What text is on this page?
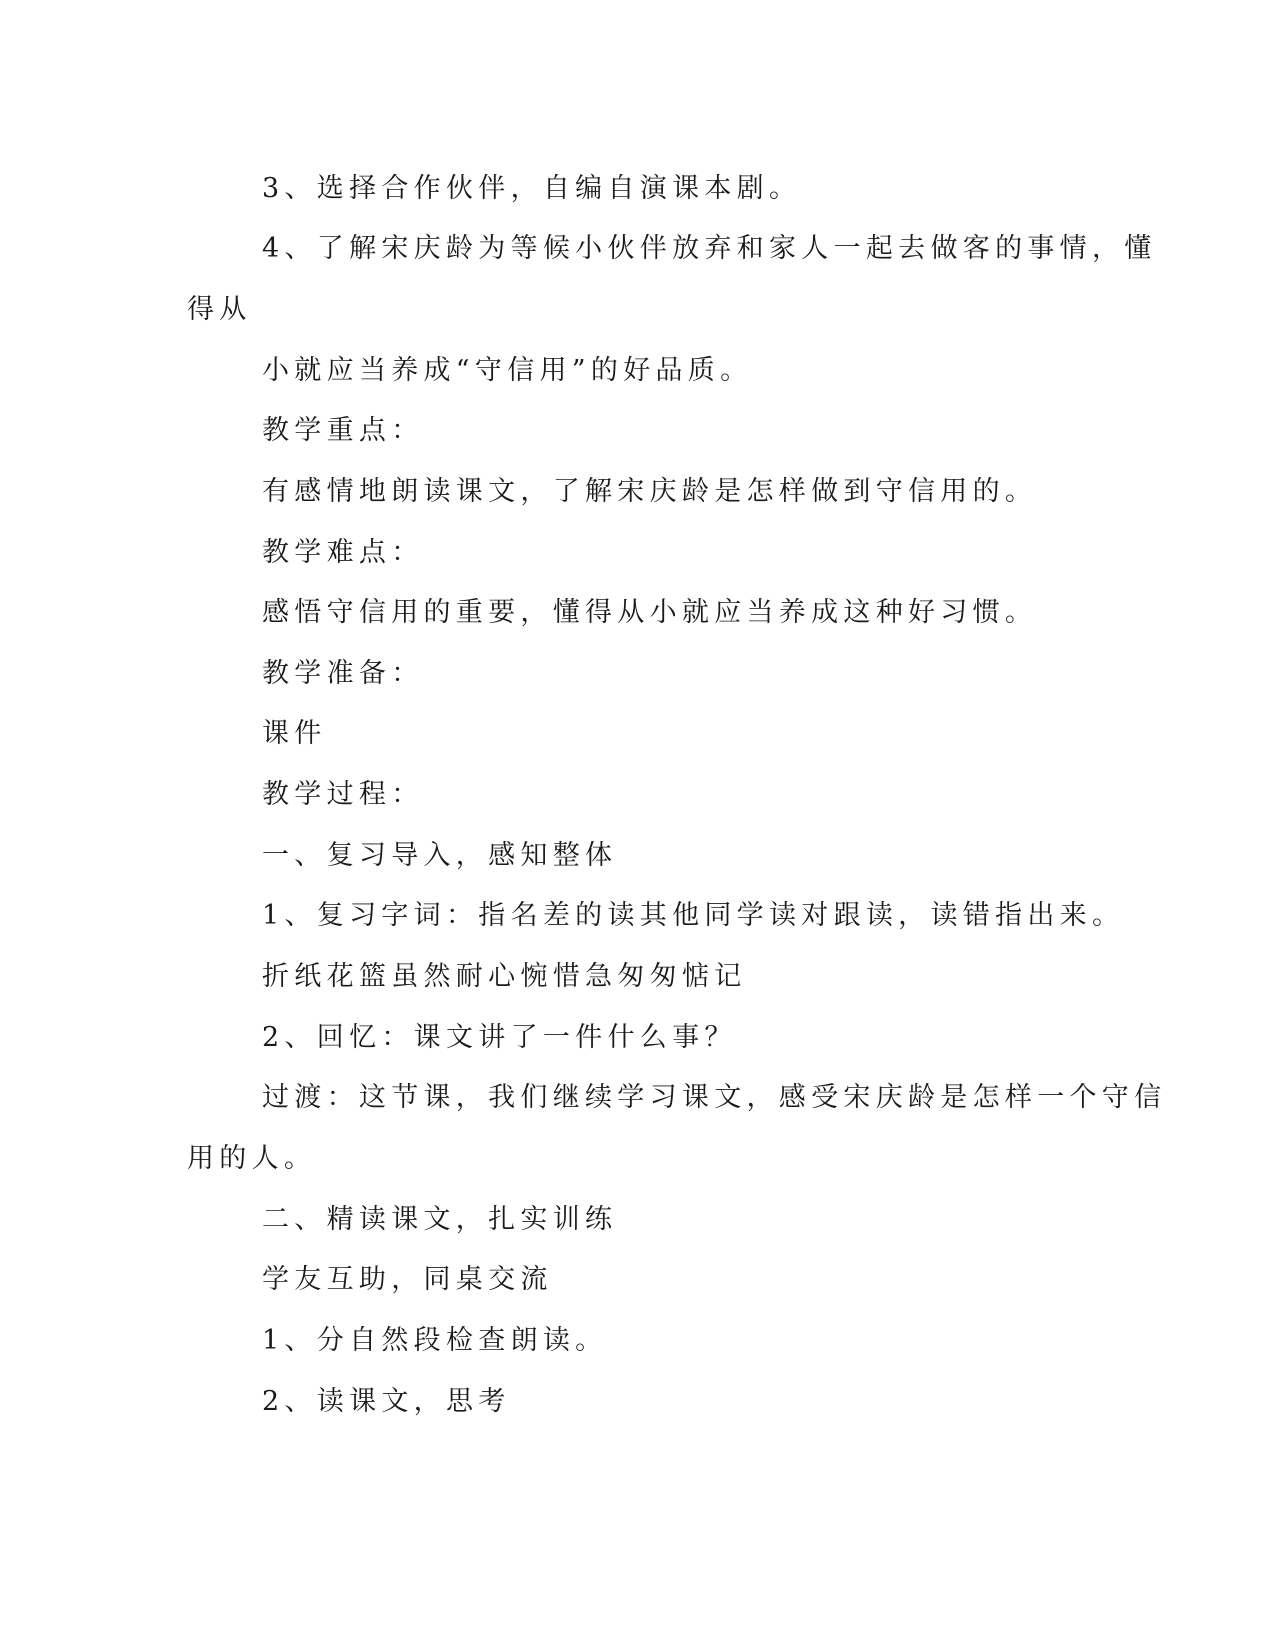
3、选择合作伙伴，自编自演课本剧。
4、了解宋庆龄为等候小伙伴放弃和家人一起去做客的事情，懂
得从
小就应当养成“守信用”的好品质。
教学重点：
有感情地朗读课文，了解宋庆龄是怎样做到守信用的。
教学难点：
感悟守信用的重要，懂得从小就应当养成这种好习惯。
教学准备：
课件
教学过程：
一、复习导入，感知整体
1、复习字词：指名差的读其他同学读对跟读，读错指出来。
折纸花篮虽然耐心惋惜急匆匆惦记
2、回忆：课文讲了一件什么事？
过渡：这节课，我们继续学习课文，感受宋庆龄是怎样一个守信
用的人。
二、精读课文，扎实训练
学友互助，同桌交流
1、分自然段检查朗读。
2、读课文，思考
